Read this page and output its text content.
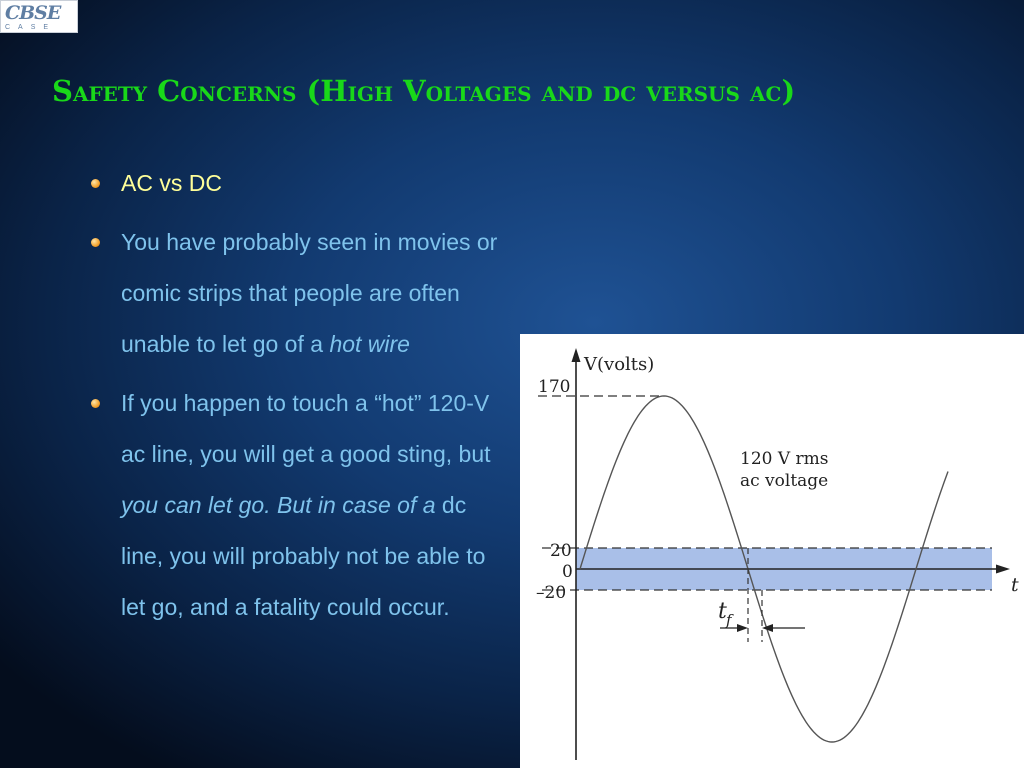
CBSE
CASE
Safety Concerns (High Voltages and dc versus ac)
AC vs DC
You have probably seen in movies or comic strips that people are often unable to let go of a hot wire
If you happen to touch a “hot” 120-V ac line, you will get a good sting, but you can let go. But in case of a dc line, you will probably not be able to let go, and a fatality could occur.
V(volts)
t
170
20
0
–20
120 V rms
ac voltage
t f
